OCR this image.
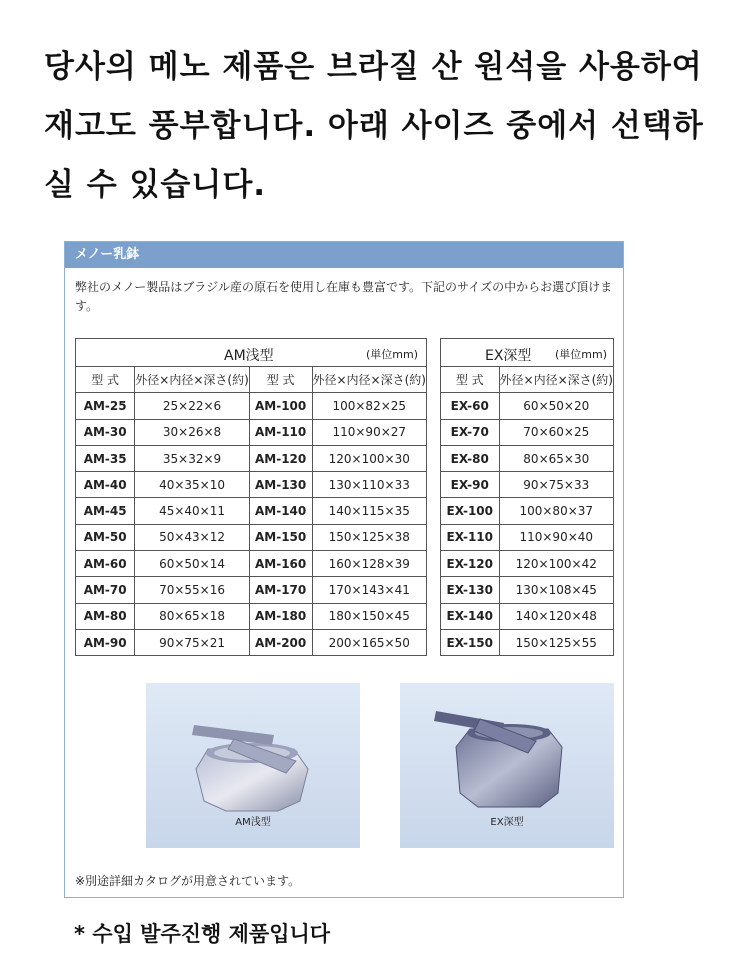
당사의 메노 제품은 브라질 산 원석을 사용하여
재고도 풍부합니다. 아래 사이즈 중에서 선택하
실 수 있습니다.
メノー乳鉢
弊社のメノー製品はブラジル産の原石を使用し在庫も豊富です。下記のサイズの中からお選び頂けます。
AM浅型 (単位mm)			

型 式	外径×内径×深さ(約)	型 式	外径×内径×深さ(約)
AM-25	25×22×6	AM-100	100×82×25
AM-30	30×26×8	AM-110	110×90×27
AM-35	35×32×9	AM-120	120×100×30
AM-40	40×35×10	AM-130	130×110×33
AM-45	45×40×11	AM-140	140×115×35
AM-50	50×43×12	AM-150	150×125×38
AM-60	60×50×14	AM-160	160×128×39
AM-70	70×55×16	AM-170	170×143×41
AM-80	80×65×18	AM-180	180×150×45
AM-90	90×75×21	AM-200	200×165×50
EX深型 (単位mm)	

型 式	外径×内径×深さ(約)
EX-60	60×50×20
EX-70	70×60×25
EX-80	80×65×30
EX-90	90×75×33
EX-100	100×80×37
EX-110	110×90×40
EX-120	120×100×42
EX-130	130×108×45
EX-140	140×120×48
EX-150	150×125×55
AM浅型	EX深型
※別途詳細カタログが用意されています。
* 수입 발주진행 제품입니다
